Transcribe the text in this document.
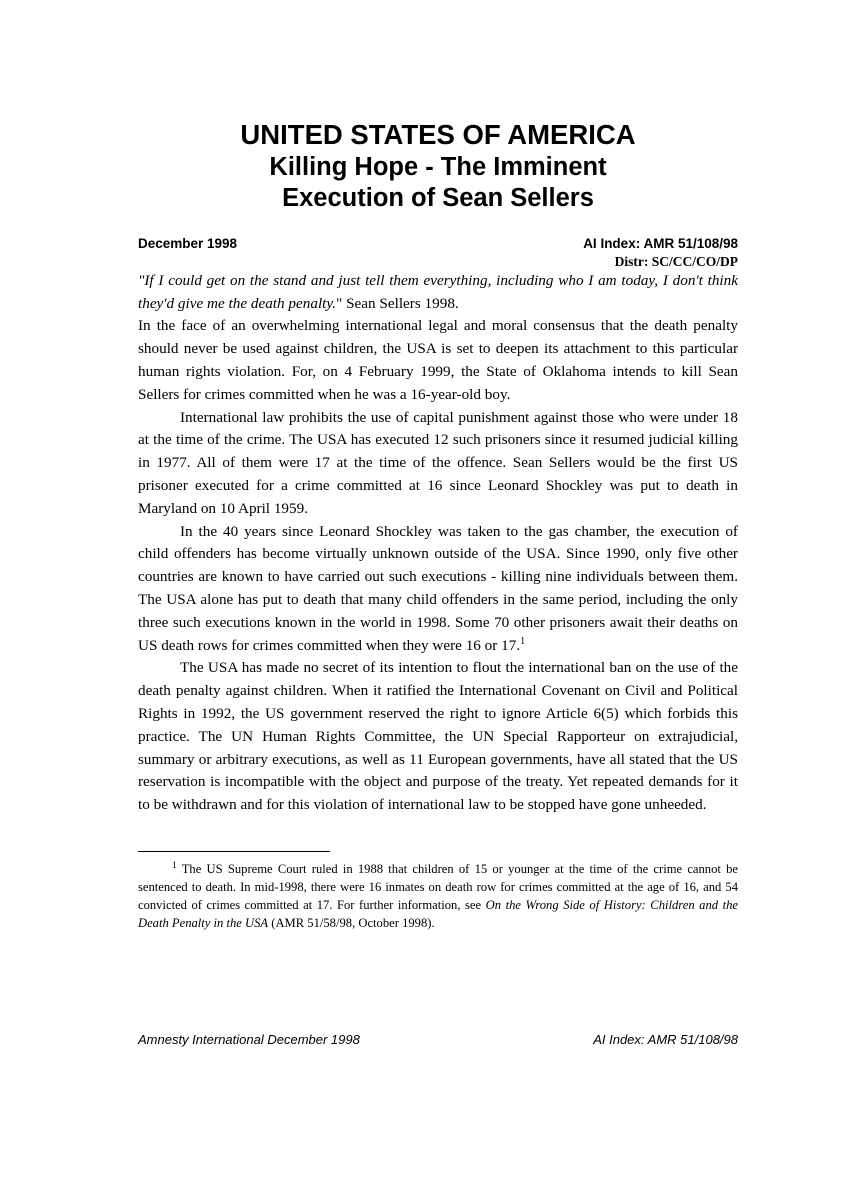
UNITED STATES OF AMERICA
Killing Hope - The Imminent
Execution of Sean Sellers
December 1998	AI Index: AMR 51/108/98
Distr: SC/CC/CO/DP

"If I could get on the stand and just tell them everything, including who I am today, I don't think they'd give me the death penalty." Sean Sellers 1998.

In the face of an overwhelming international legal and moral consensus that the death penalty should never be used against children, the USA is set to deepen its attachment to this particular human rights violation. For, on 4 February 1999, the State of Oklahoma intends to kill Sean Sellers for crimes committed when he was a 16-year-old boy.

International law prohibits the use of capital punishment against those who were under 18 at the time of the crime. The USA has executed 12 such prisoners since it resumed judicial killing in 1977. All of them were 17 at the time of the offence. Sean Sellers would be the first US prisoner executed for a crime committed at 16 since Leonard Shockley was put to death in Maryland on 10 April 1959.

In the 40 years since Leonard Shockley was taken to the gas chamber, the execution of child offenders has become virtually unknown outside of the USA. Since 1990, only five other countries are known to have carried out such executions - killing nine individuals between them. The USA alone has put to death that many child offenders in the same period, including the only three such executions known in the world in 1998. Some 70 other prisoners await their deaths on US death rows for crimes committed when they were 16 or 17.$^1$

The USA has made no secret of its intention to flout the international ban on the use of the death penalty against children. When it ratified the International Covenant on Civil and Political Rights in 1992, the US government reserved the right to ignore Article 6(5) which forbids this practice. The UN Human Rights Committee, the UN Special Rapporteur on extrajudicial, summary or arbitrary executions, as well as 11 European governments, have all stated that the US reservation is incompatible with the object and purpose of the treaty. Yet repeated demands for it to be withdrawn and for this violation of international law to be stopped have gone unheeded.

$^1$ The US Supreme Court ruled in 1988 that children of 15 or younger at the time of the crime cannot be sentenced to death. In mid-1998, there were 16 inmates on death row for crimes committed at the age of 16, and 54 convicted of crimes committed at 17. For further information, see On the Wrong Side of History: Children and the Death Penalty in the USA (AMR 51/58/98, October 1998).
Amnesty International December 1998	AI Index: AMR 51/108/98
